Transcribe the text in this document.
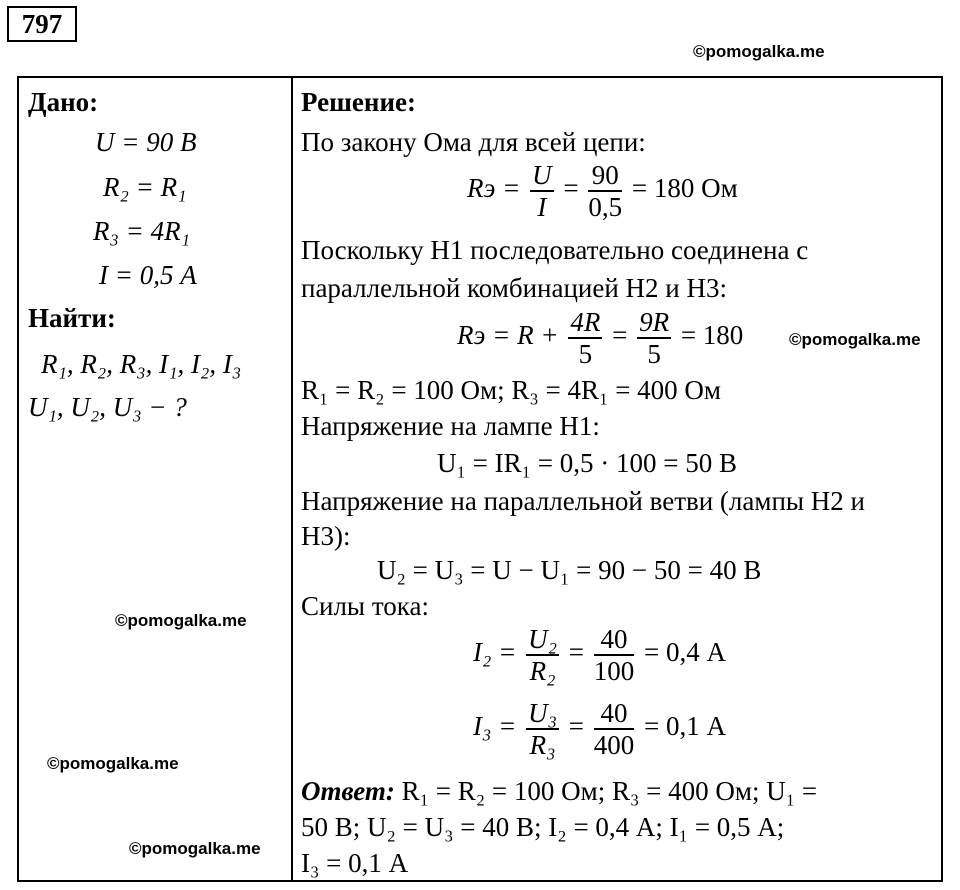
797
©pomogalka.me
Дано:
U = 90 В
R₂ = R₁
R₃ = 4R₁
I = 0,5 А
Найти:
R₁, R₂, R₃, I₁, I₂, I₃
U₁, U₂, U₃ − ?
Решение:
По закону Ома для всей цепи:
Rэ = $\frac{U}{I} = \frac{90}{0,5} = 180$ Ом
Поскольку Н1 последовательно соединена с
параллельной комбинацией Н2 и Н3:
Rэ = $R + \frac{4R}{5} = \frac{9R}{5} = 180$	©pomogalka.me
R₁ = R₂ = 100 Ом; R₃ = 4R₁ = 400 Ом
Напряжение на лампе Н1:
U₁ = IR₁ = 0,5 · 100 = 50 В
Напряжение на параллельной ветви (лампы Н2 и
Н3):
U₂ = U₃ = U − U₁ = 90 − 50 = 40 В
Силы тока:
$I_2 = \frac{\text{U₂}}{\text{R₂}} = \frac{40}{100} = 0,4$ А
$I_3 = \frac{\text{U₃}}{\text{R₃}} = \frac{40}{400} = 0,1$ А
Ответ: R₁ = R₂ = 100 Ом; R₃ = 400 Ом; U₁ =
50 В; U₂ = U₃ = 40 В; I₂ = 0,4 А; I₁ = 0,5 А;
I₃ = 0,1 А
©pomogalka.me
©pomogalka.me
©pomogalka.me
